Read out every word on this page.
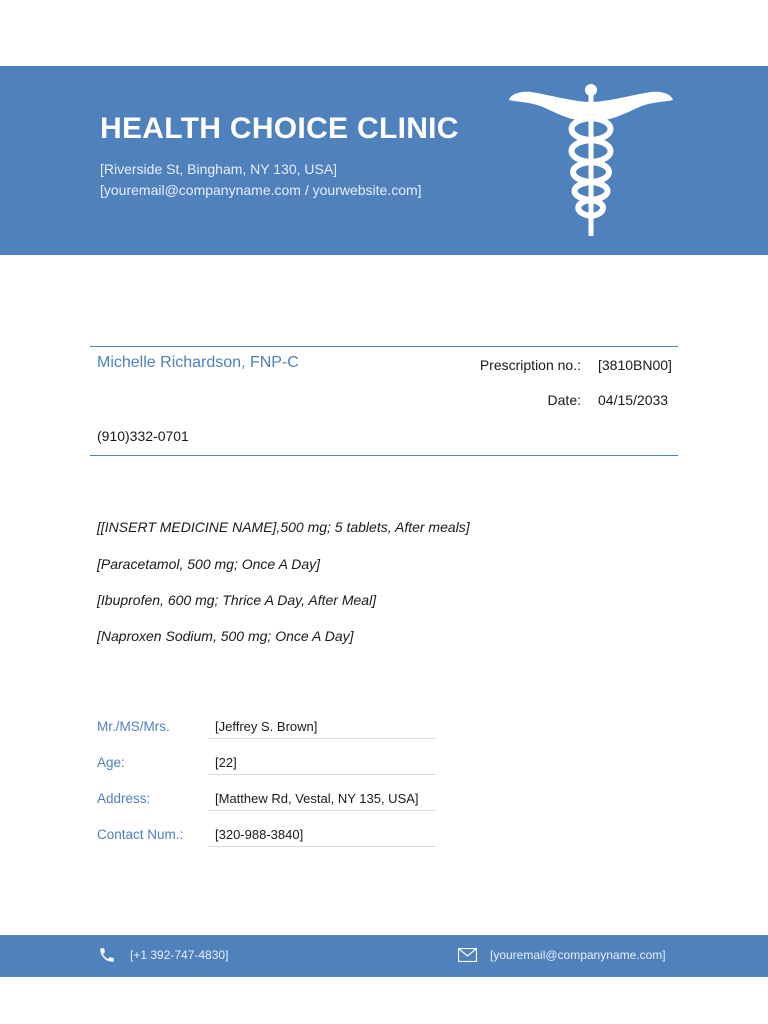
HEALTH CHOICE CLINIC
[Riverside St, Bingham, NY 130, USA]
[youremail@companyname.com / yourwebsite.com]
Michelle Richardson, FNP-C	Prescription no.: [3810BN00]
Date: 04/15/2033
(910)332-0701
[[INSERT MEDICINE NAME],500 mg; 5 tablets, After meals]
[Paracetamol, 500 mg; Once A Day]
[Ibuprofen, 600 mg; Thrice A Day, After Meal]
[Naproxen Sodium, 500 mg; Once A Day]
Mr./MS/Mrs.	[Jeffrey S. Brown]
Age:	[22]
Address:	[Matthew Rd, Vestal, NY 135, USA]
Contact Num.:	[320-988-3840]
[+1 392-747-4830]	[youremail@companyname.com]
